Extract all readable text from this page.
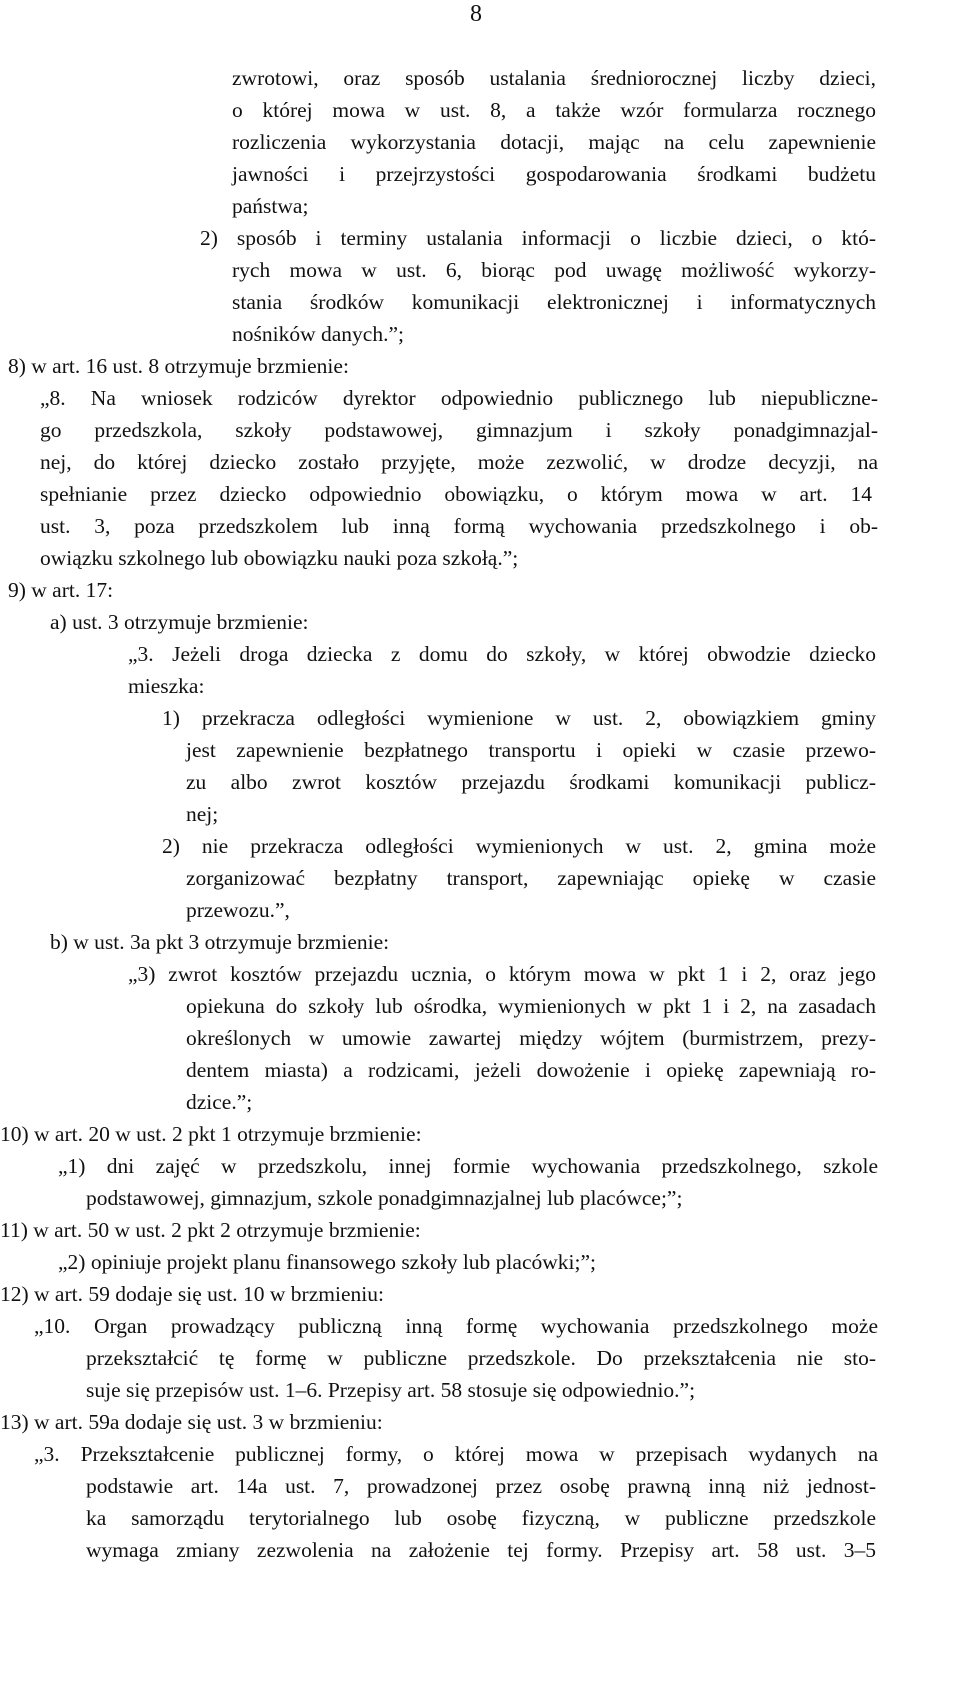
8

zwrotowi, oraz sposób ustalania średniorocznej liczby dzieci,

o której mowa w ust. 8, a także wzór formularza rocznego

rozliczenia wykorzystania dotacji, mając na celu zapewnienie

jawności i przejrzystości gospodarowania środkami budżetu

państwa;

2) sposób i terminy ustalania informacji o liczbie dzieci, o któ-

rych mowa w ust. 6, biorąc pod uwagę możliwość wykorzy-

stania środków komunikacji elektronicznej i informatycznych

nośników danych.”;

8) w art. 16 ust. 8 otrzymuje brzmienie:

„8. Na wniosek rodziców dyrektor odpowiednio publicznego lub niepubliczne-

go przedszkola, szkoły podstawowej, gimnazjum i szkoły ponadgimnazjal-

nej, do której dziecko zostało przyjęte, może zezwolić, w drodze decyzji, na

spełnianie przez dziecko odpowiednio obowiązku, o którym mowa w art. 14

ust. 3, poza przedszkolem lub inną formą wychowania przedszkolnego i ob-

owiązku szkolnego lub obowiązku nauki poza szkołą.”;

9) w art. 17:

a) ust. 3 otrzymuje brzmienie:

„3. Jeżeli droga dziecka z domu do szkoły, w której obwodzie dziecko

mieszka:

1) przekracza odległości wymienione w ust. 2, obowiązkiem gminy

jest zapewnienie bezpłatnego transportu i opieki w czasie przewo-

zu albo zwrot kosztów przejazdu środkami komunikacji publicz-

nej;

2) nie przekracza odległości wymienionych w ust. 2, gmina może

zorganizować bezpłatny transport, zapewniając opiekę w czasie

przewozu.”,

b) w ust. 3a pkt 3 otrzymuje brzmienie:

„3) zwrot kosztów przejazdu ucznia, o którym mowa w pkt 1 i 2, oraz jego

opiekuna do szkoły lub ośrodka, wymienionych w pkt 1 i 2, na zasadach

określonych w umowie zawartej między wójtem (burmistrzem, prezy-

dentem miasta) a rodzicami, jeżeli dowożenie i opiekę zapewniają ro-

dzice.”;

10) w art. 20 w ust. 2 pkt 1 otrzymuje brzmienie:

„1) dni zajęć w przedszkolu, innej formie wychowania przedszkolnego, szkole

podstawowej, gimnazjum, szkole ponadgimnazjalnej lub placówce;”;

11) w art. 50 w ust. 2 pkt 2 otrzymuje brzmienie:

„2) opiniuje projekt planu finansowego szkoły lub placówki;”;

12) w art. 59 dodaje się ust. 10 w brzmieniu:

„10. Organ prowadzący publiczną inną formę wychowania przedszkolnego może

przekształcić tę formę w publiczne przedszkole. Do przekształcenia nie sto-

suje się przepisów ust. 1–6. Przepisy art. 58 stosuje się odpowiednio.”;

13) w art. 59a dodaje się ust. 3 w brzmieniu:

„3. Przekształcenie publicznej formy, o której mowa w przepisach wydanych na

podstawie art. 14a ust. 7, prowadzonej przez osobę prawną inną niż jednost-

ka samorządu terytorialnego lub osobę fizyczną, w publiczne przedszkole

wymaga zmiany zezwolenia na założenie tej formy. Przepisy art. 58 ust. 3–5
